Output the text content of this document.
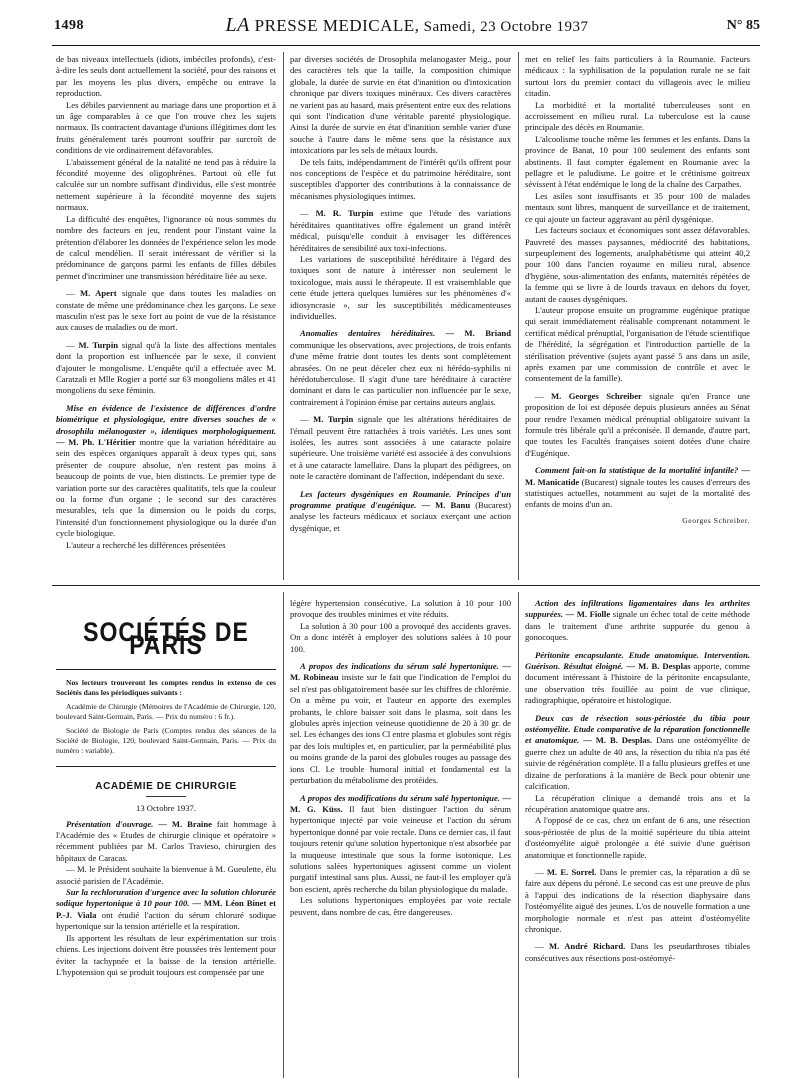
1498	LA PRESSE MEDICALE, Samedi, 23 Octobre 1937	N° 85

de bas niveaux intellectuels (idiots, imbéciles profonds), c'est-à-dire les seuls dont actuellement la société, pour des raisons et par les moyens les plus divers, empêche ou entrave la reproduction.

Les débiles parviennent au mariage dans une proportion et à un âge comparables à ce que l'on trouve chez les sujets normaux. Ils contractent davantage d'unions illégitimes dont les fruits généralement tarés pourront souffrir par surcroît de conditions de vie ordinairement défavorables.

L'abaissement général de la natalité ne tend pas à réduire la fécondité moyenne des oligophrènes. Partout où elle fut calculée sur un nombre suffisant d'individus, elle s'est montrée nettement supérieure à la fécondité moyenne des sujets normaux.

La difficulté des enquêtes, l'ignorance où nous sommes du nombre des facteurs en jeu, rendent pour l'instant vaine la prétention d'élaborer les données de l'expérience selon les mode de calcul mendélien. Il serait intéressant de vérifier si la prédominance de garçons parmi les enfants de filles débiles permet d'incriminer une transmission héréditaire liée au sexe.

— M. Apert signale que dans toutes les maladies on constate de même une prédominance chez les garçons. Le sexe masculin n'est pas le sexe fort au point de vue de la résistance aux causes de maladies ou de mort.

— M. Turpin signal qu'à la liste des affections mentales dont la proportion est influencée par le sexe, il convient d'ajouter le mongolisme. L'enquête qu'il a effectuée avec M. Caratzali et Mlle Rogier a porté sur 63 mongoliens mâles et 41 mongoliens du sexe féminin.

Mise en évidence de l'existence de différences d'ordre biométrique et physiologique, entre diverses souches de « drosophila mélanogaster », identiques morphologiquement. — M. Ph. L'Héritier montre que la variation héréditaire au sein des espèces organiques apparaît à deux types qui, sans présenter de coupure absolue, n'en restent pas moins à beaucoup de points de vue, bien distincts. Le premier type de variation porte sur des caractères qualitatifs, tels que la couleur ou la forme d'un organe ; le second sur des caractères mesurables, tels que la dimension ou le poids du corps, l'intensité d'un fonctionnement physiologique ou la durée d'un cycle biologique.

L'auteur a recherché les différences présentées

par diverses sociétés de Drosophila melanogaster Meig., pour des caractères tels que la taille, la composition chimique globale, la durée de survie en état d'inanition ou d'intoxication chronique par divers toxiques minéraux. Ces divers caractères ne varient pas au hasard, mais présentent entre eux des relations qui sont l'indication d'une véritable parenté physiologique. Ainsi la durée de survie en état d'inanition semble varier d'une souche à l'autre dans le même sens que la résistance aux intoxications par les sels de métaux lourds.

De tels faits, indépendamment de l'intérêt qu'ils offrent pour nos conceptions de l'espèce et du patrimoine héréditaire, sont susceptibles d'apporter des contributions à la connaissance de mécanismes physiologiques intimes.

— M. R. Turpin estime que l'étude des variations héréditaires quantitatives offre également un grand intérêt médical, puisqu'elle conduit à envisager les différences héréditaires de sensibilité aux toxi-infections.

Les variations de susceptibilité héréditaire à l'égard des toxiques sont de nature à intéresser non seulement le toxicologue, mais aussi le thérapeute. Il est vraisemblable que cette étude jettera quelques lumières sur les phénomènes d'« idiosyncrasie », sur les susceptibilités médicamenteuses individuelles.

Anomalies dentaires héréditaires. — M. Briand communique les observations, avec projections, de trois enfants d'une même fratrie dont toutes les dents sont complètement abrasées. On ne peut déceler chez eux ni hérédo-syphilis ni hérédotuberculose. Il s'agit d'une tare héréditaire à caractère dominant et dans le cas particulier non influencée par le sexe, contrairement à l'opinion émise par certains auteurs anglais.

— M. Turpin signale que les altérations héréditaires de l'émail peuvent être rattachées à trois variétés. Les unes sont isolées, les autres sont associées à une cataracte polaire supérieure. Une troisième variété est associée à des convulsions et à une cataracte lamellaire. Dans la plupart des pédigrees, on note le caractère dominant de l'affection, indépendant du sexe.

Les facteurs dysgéniques en Roumanie. Principes d'un programme pratique d'eugénique. — M. Banu (Bucarest) analyse les facteurs médicaux et sociaux exerçant une action dysgénique, et

met en relief les faits particuliers à la Roumanie. Facteurs médicaux : la syphilisation de la population rurale ne se fait surtout lors du premier contact du villageois avec le milieu citadin.

La morbidité et la mortalité tuberculeuses sont en accroissement en milieu rural. La tuberculose est la cause principale des décès en Roumanie.

L'alcoolisme touche même les femmes et les enfants. Dans la province de Banat, 10 pour 100 seulement des enfants sont abstinents. Il faut compter également en Roumanie avec la pellagre et le paludisme. Le goitre et le crétinisme goitreux sévissent à l'état endémique le long de la chaîne des Carpathes.

Les asiles sont insuffisants et 35 pour 100 de malades mentaux sont libres, manquent de surveillance et de traitement, ce qui ajoute un facteur aggravant au péril dysgénique.

Les facteurs sociaux et économiques sont assez défavorables. Pauvreté des masses paysannes, médiocrité des habitations, surpeuplement des logements, analphabétisme qui atteint 40,2 pour 100 dans l'ancien royaume en milieu rural, absence d'hygiène, sous-alimentation des enfants, maternités répétées de la femme qui se livre à de lourds travaux en dehors du foyer, autant de causes dysgéniques.

L'auteur propose ensuite un programme eugénique pratique qui serait immédiatement réalisable comprenant notamment le certificat médical prénuptial, l'organisation de l'étude scientifique de l'hérédité, la ségrégation et l'introduction partielle de la stérilisation préventive (sujets ayant passé 5 ans dans un asile, après examen par une commission de contrôle et avec le consentement de la famille).

— M. Georges Schreiber signale qu'en France une proposition de loi est déposée depuis plusieurs années au Sénat pour rendre l'examen médical prénuptial obligatoire suivant la formule très libérale qu'il a préconisée. Il demande, d'autre part, que toutes les Facultés françaises soient dotées d'une chaire d'Eugénique.

Comment fait-on la statistique de la mortalité infantile? — M. Manicatide (Bucarest) signale toutes les causes d'erreurs des statistiques actuelles, notamment au sujet de la mortalité des enfants de moins d'un an.

Georges Schreiber.
SOCIÉTÉS DE PARIS

Nos lecteurs trouveront les comptes rendus in extenso de ces Sociétés dans les périodiques suivants :

Académie de Chirurgie (Mémoires de l'Académie de Chirurgie, 120, boulevard Saint-Germain, Paris. — Prix du numéro : 6 fr.).

Société de Biologie de Paris (Comptes rendus des séances de la Société de Biologie, 120, boulevard Saint-Germain, Paris. — Prix du numéro : variable).

ACADÉMIE DE CHIRURGIE
13 Octobre 1937.

Présentation d'ouvrage. — M. Braine fait hommage à l'Académie des « Etudes de chirurgie clinique et opératoire » récemment publiées par M. Carlos Travieso, chirurgien des hôpitaux de Caracas.

— M. le Président souhaite la bienvenue à M. Gueulette, élu associé parisien de l'Académie.

Sur la rechloruration d'urgence avec la solution chlorurée sodique hypertonique à 10 pour 100. — MM. Léon Binet et P.-J. Viala ont étudié l'action du sérum chloruré sodique hypertonique sur la tension artérielle et la respiration.

Ils apportent les résultats de leur expérimentation sur trois chiens. Les injections doivent être poussées très lentement pour éviter la tachypnée et la baisse de la tension artérielle. L'hypotension qui se produit toujours est compensée par une

légère hypertension consécutive. La solution à 10 pour 100 provoque des troubles minimes et vite réduits.

La solution à 30 pour 100 a provoqué des accidents graves. On a donc intérêt à employer des solutions salées à 10 pour 100.

A propos des indications du sérum salé hypertonique. — M. Robineau insiste sur le fait que l'indication de l'emploi du sel n'est pas obligatoirement basée sur les chiffres de chlorémie. On a même pu voir, et l'auteur en apporte des exemples probants, le chlore baisser soit dans le plasma, soit dans les globules après injection veineuse quotidienne de 20 à 30 gr. de sel. Les échanges des ions Cl entre plasma et globules sont régis par des lois multiples et, en particulier, par la perméabilité plus ou moins grande de la paroi des globules rouges au passage des ions Cl. Le trouble humoral initial et fondamental est la perturbation du métabolisme des protéides.

A propos des modifications du sérum salé hypertonique. — M. G. Küss. Il faut bien distinguer l'action du sérum hypertonique injecté par voie veineuse et l'action du sérum hypertonique donné par voie rectale. Dans ce dernier cas, il faut toujours retenir qu'une solution hypertonique n'est absorbée par la muqueuse intestinale que sous la forme isotonique. Les solutions salées hypertoniques agissent comme un violent purgatif intestinal sans plus. Aussi, ne faut-il les employer qu'à bon escient, après recherche du bilan physiologique du malade.

Les solutions hypertoniques employées par voie rectale peuvent, dans nombre de cas, être dangereuses.

Action des infiltrations ligamentaires dans les arthrites suppurées. — M. Fiolle signale un échec total de cette méthode dans le traitement d'une arthrite suppurée du genou à gonocoques.

Péritonite encapsulante. Etude anatomique. Intervention. Guérison. Résultat éloigné. — M. B. Desplas apporte, comme document intéressant à l'histoire de la péritonite encapsulante, une observation très fouillée au point de vue clinique, radiographique, opératoire et histologique.

Deux cas de résection sous-périostée du tibia pour ostéomyélite. Etude comparative de la réparation fonctionnelle et anatomique. — M. B. Desplas. Dans une ostéomyélite de guerre chez un adulte de 40 ans, la résection du tibia n'a pas été suivie de régénération complète. Il a fallu plusieurs greffes et une dizaine de perforations à la manière de Beck pour obtenir une calcification.

La récupération clinique a demandé trois ans et la récupération anatomique quatre ans.

A l'opposé de ce cas, chez un enfant de 6 ans, une résection sous-périostée de plus de la moitié supérieure du tibia atteint d'ostéomyélite aiguë prolongée a été suivie d'une guérison anatomique et fonctionnelle rapide.

— M. E. Sorrel. Dans le premier cas, la réparation a dû se faire aux dépens du péroné. Le second cas est une preuve de plus à l'appui des indications de la résection diaphysaire dans l'ostéomyélite aiguë des jeunes. L'os de nouvelle formation a une morphologie normale et n'est pas atteint d'ostéomyélite chronique.

— M. André Richard. Dans les pseudarthroses tibiales consécutives aux résections post-ostéomyé-
